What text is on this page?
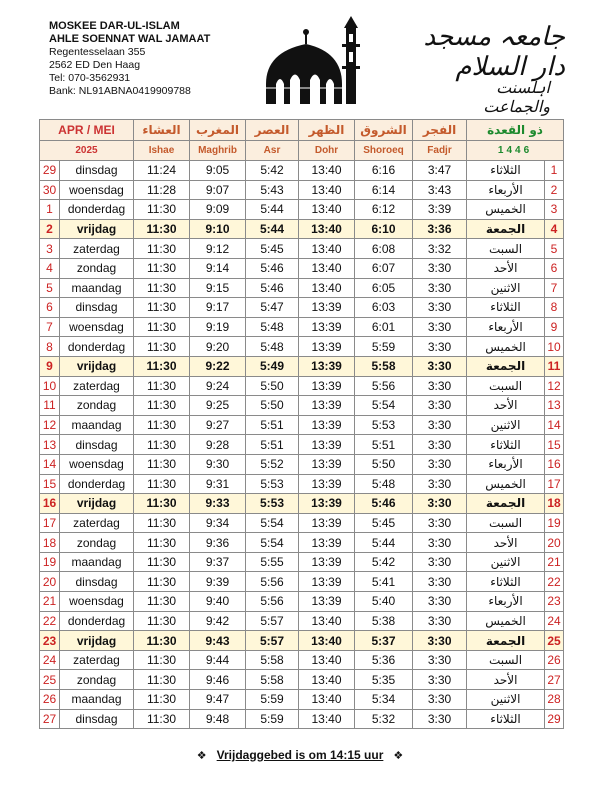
MOSKEE DAR-UL-ISLAM
AHLE SOENNAT WAL JAMAAT
Regentesselaan 355
2562 ED Den Haag
Tel: 070-3562931
Bank: NL91ABNA0419909788
جامعہ مسجد دار السلام
اہلسنت والجماعت
APR / MEI		العشاء	المغرب	العصر	الظهر	الشروق	الفجر	ذو القعدة	
2025		Ishae	Maghrib	Asr	Dohr	Shoroeq	Fadjr	1446	
29	dinsdag	11:24	9:05	5:42	13:40	6:16	3:47	الثلاثاء	1
30	woensdag	11:28	9:07	5:43	13:40	6:14	3:43	الأربعاء	2
1	donderdag	11:30	9:09	5:44	13:40	6:12	3:39	الخميس	3
2	vrijdag	11:30	9:10	5:44	13:40	6:10	3:36	الجمعة	4
3	zaterdag	11:30	9:12	5:45	13:40	6:08	3:32	السبت	5
4	zondag	11:30	9:14	5:46	13:40	6:07	3:30	الأحد	6
5	maandag	11:30	9:15	5:46	13:40	6:05	3:30	الاثنين	7
6	dinsdag	11:30	9:17	5:47	13:39	6:03	3:30	الثلاثاء	8
7	woensdag	11:30	9:19	5:48	13:39	6:01	3:30	الأربعاء	9
8	donderdag	11:30	9:20	5:48	13:39	5:59	3:30	الخميس	10
9	vrijdag	11:30	9:22	5:49	13:39	5:58	3:30	الجمعة	11
10	zaterdag	11:30	9:24	5:50	13:39	5:56	3:30	السبت	12
11	zondag	11:30	9:25	5:50	13:39	5:54	3:30	الأحد	13
12	maandag	11:30	9:27	5:51	13:39	5:53	3:30	الاثنين	14
13	dinsdag	11:30	9:28	5:51	13:39	5:51	3:30	الثلاثاء	15
14	woensdag	11:30	9:30	5:52	13:39	5:50	3:30	الأربعاء	16
15	donderdag	11:30	9:31	5:53	13:39	5:48	3:30	الخميس	17
16	vrijdag	11:30	9:33	5:53	13:39	5:46	3:30	الجمعة	18
17	zaterdag	11:30	9:34	5:54	13:39	5:45	3:30	السبت	19
18	zondag	11:30	9:36	5:54	13:39	5:44	3:30	الأحد	20
19	maandag	11:30	9:37	5:55	13:39	5:42	3:30	الاثنين	21
20	dinsdag	11:30	9:39	5:56	13:39	5:41	3:30	الثلاثاء	22
21	woensdag	11:30	9:40	5:56	13:39	5:40	3:30	الأربعاء	23
22	donderdag	11:30	9:42	5:57	13:40	5:38	3:30	الخميس	24
23	vrijdag	11:30	9:43	5:57	13:40	5:37	3:30	الجمعة	25
24	zaterdag	11:30	9:44	5:58	13:40	5:36	3:30	السبت	26
25	zondag	11:30	9:46	5:58	13:40	5:35	3:30	الأحد	27
26	maandag	11:30	9:47	5:59	13:40	5:34	3:30	الاثنين	28
27	dinsdag	11:30	9:48	5:59	13:40	5:32	3:30	الثلاثاء	29
❖ Vrijdaggebed is om 14:15 uur ❖
